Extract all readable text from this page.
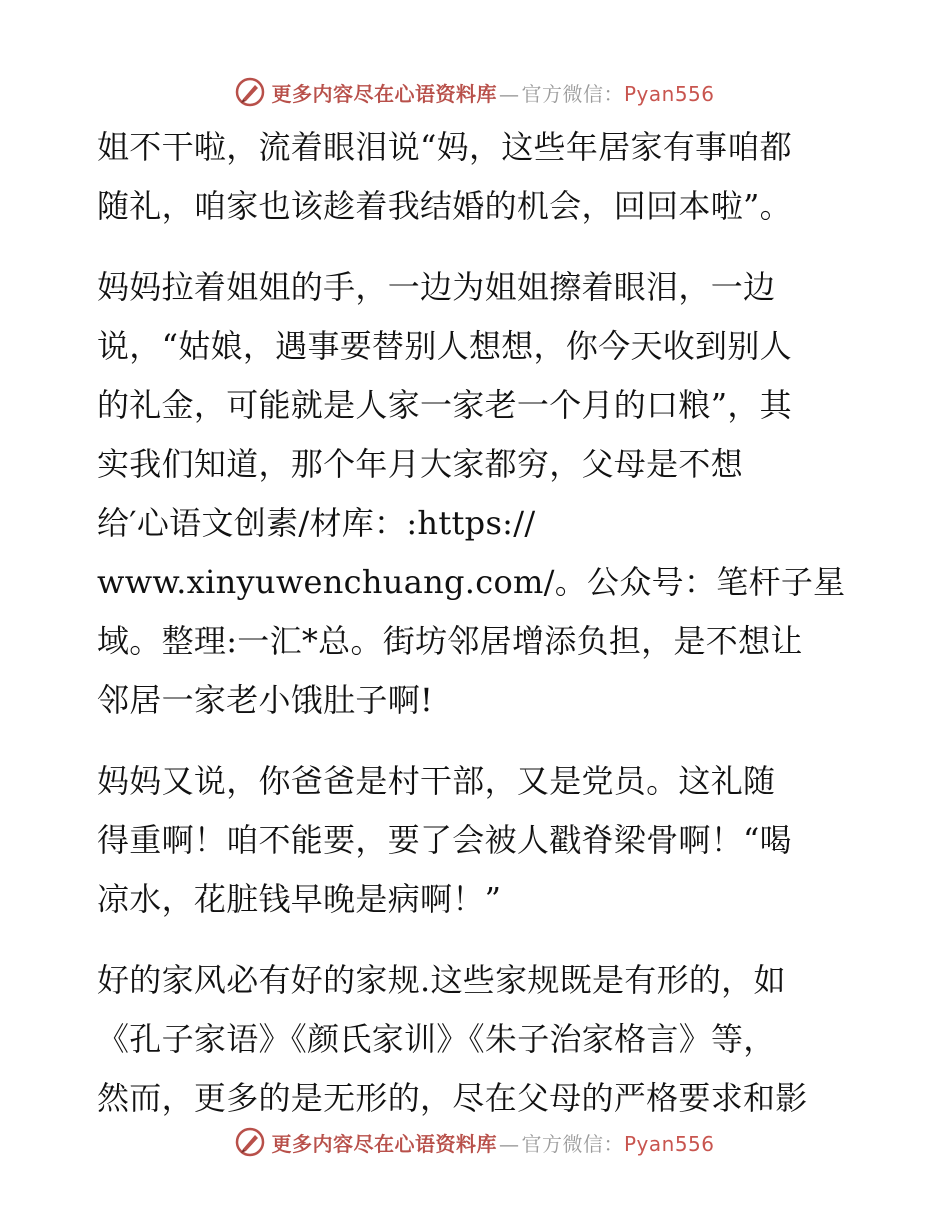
更多内容尽在心语资料库 — 官方微信：Pyan556
姐不干啦，流着眼泪说“妈，这些年居家有事咱都
随礼，咱家也该趁着我结婚的机会，回回本啦”。
妈妈拉着姐姐的手，一边为姐姐擦着眼泪，一边
说，“姑娘，遇事要替别人想想，你今天收到别人
的礼金，可能就是人家一家老一个月的口粮”，其
实我们知道，那个年月大家都穷，父母是不想
给′心语文创素/材库：:https://
www.xinyuwenchuang.com/。公众号：笔杆子星
域。整理:一汇*总。街坊邻居增添负担，是不想让
邻居一家老小饿肚子啊!
妈妈又说，你爸爸是村干部，又是党员。这礼随
得重啊！咱不能要，要了会被人戳脊梁骨啊！“喝
凉水，花脏钱早晚是病啊！”
好的家风必有好的家规.这些家规既是有形的，如
《孔子家语》《颜氏家训》《朱子治家格言》等，
然而，更多的是无形的，尽在父母的严格要求和影
更多内容尽在心语资料库 — 官方微信：Pyan556
